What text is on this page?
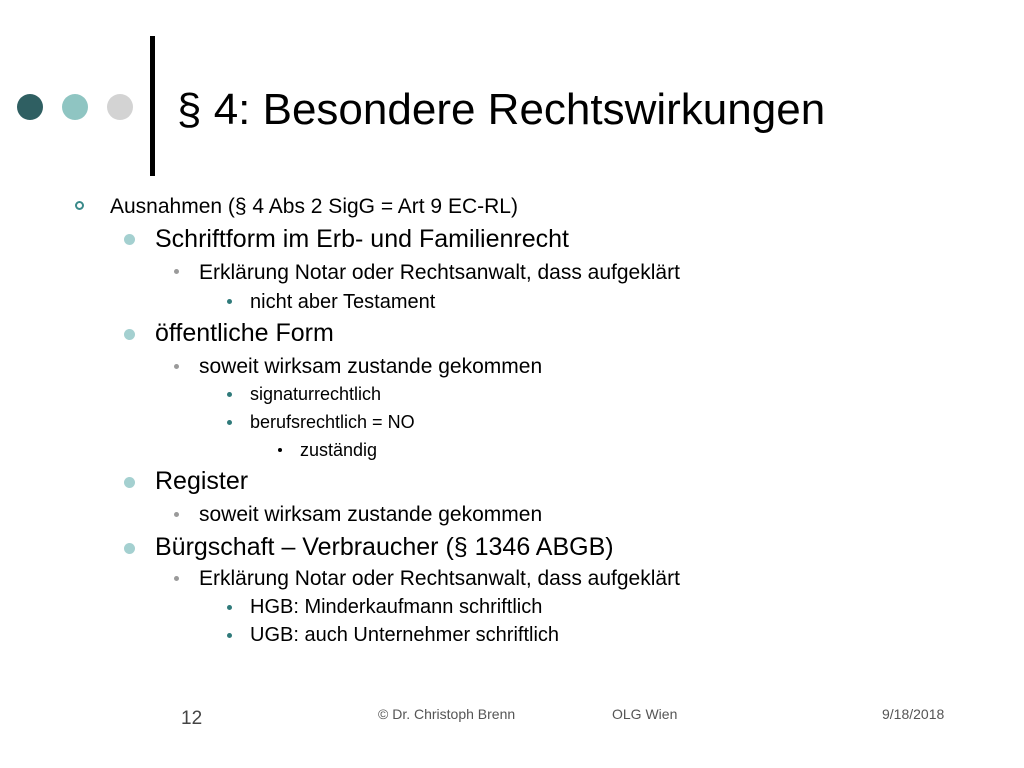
§ 4: Besondere Rechtswirkungen
Ausnahmen (§ 4 Abs 2 SigG = Art 9 EC-RL)
Schriftform im Erb- und Familienrecht
Erklärung Notar oder Rechtsanwalt, dass aufgeklärt
nicht aber Testament
öffentliche Form
soweit wirksam zustande gekommen
signaturrechtlich
berufsrechtlich = NO
zuständig
Register
soweit wirksam zustande gekommen
Bürgschaft – Verbraucher (§ 1346 ABGB)
Erklärung Notar oder Rechtsanwalt, dass aufgeklärt
HGB: Minderkaufmann schriftlich
UGB: auch Unternehmer schriftlich
12	© Dr. Christoph Brenn	OLG Wien	9/18/2018
